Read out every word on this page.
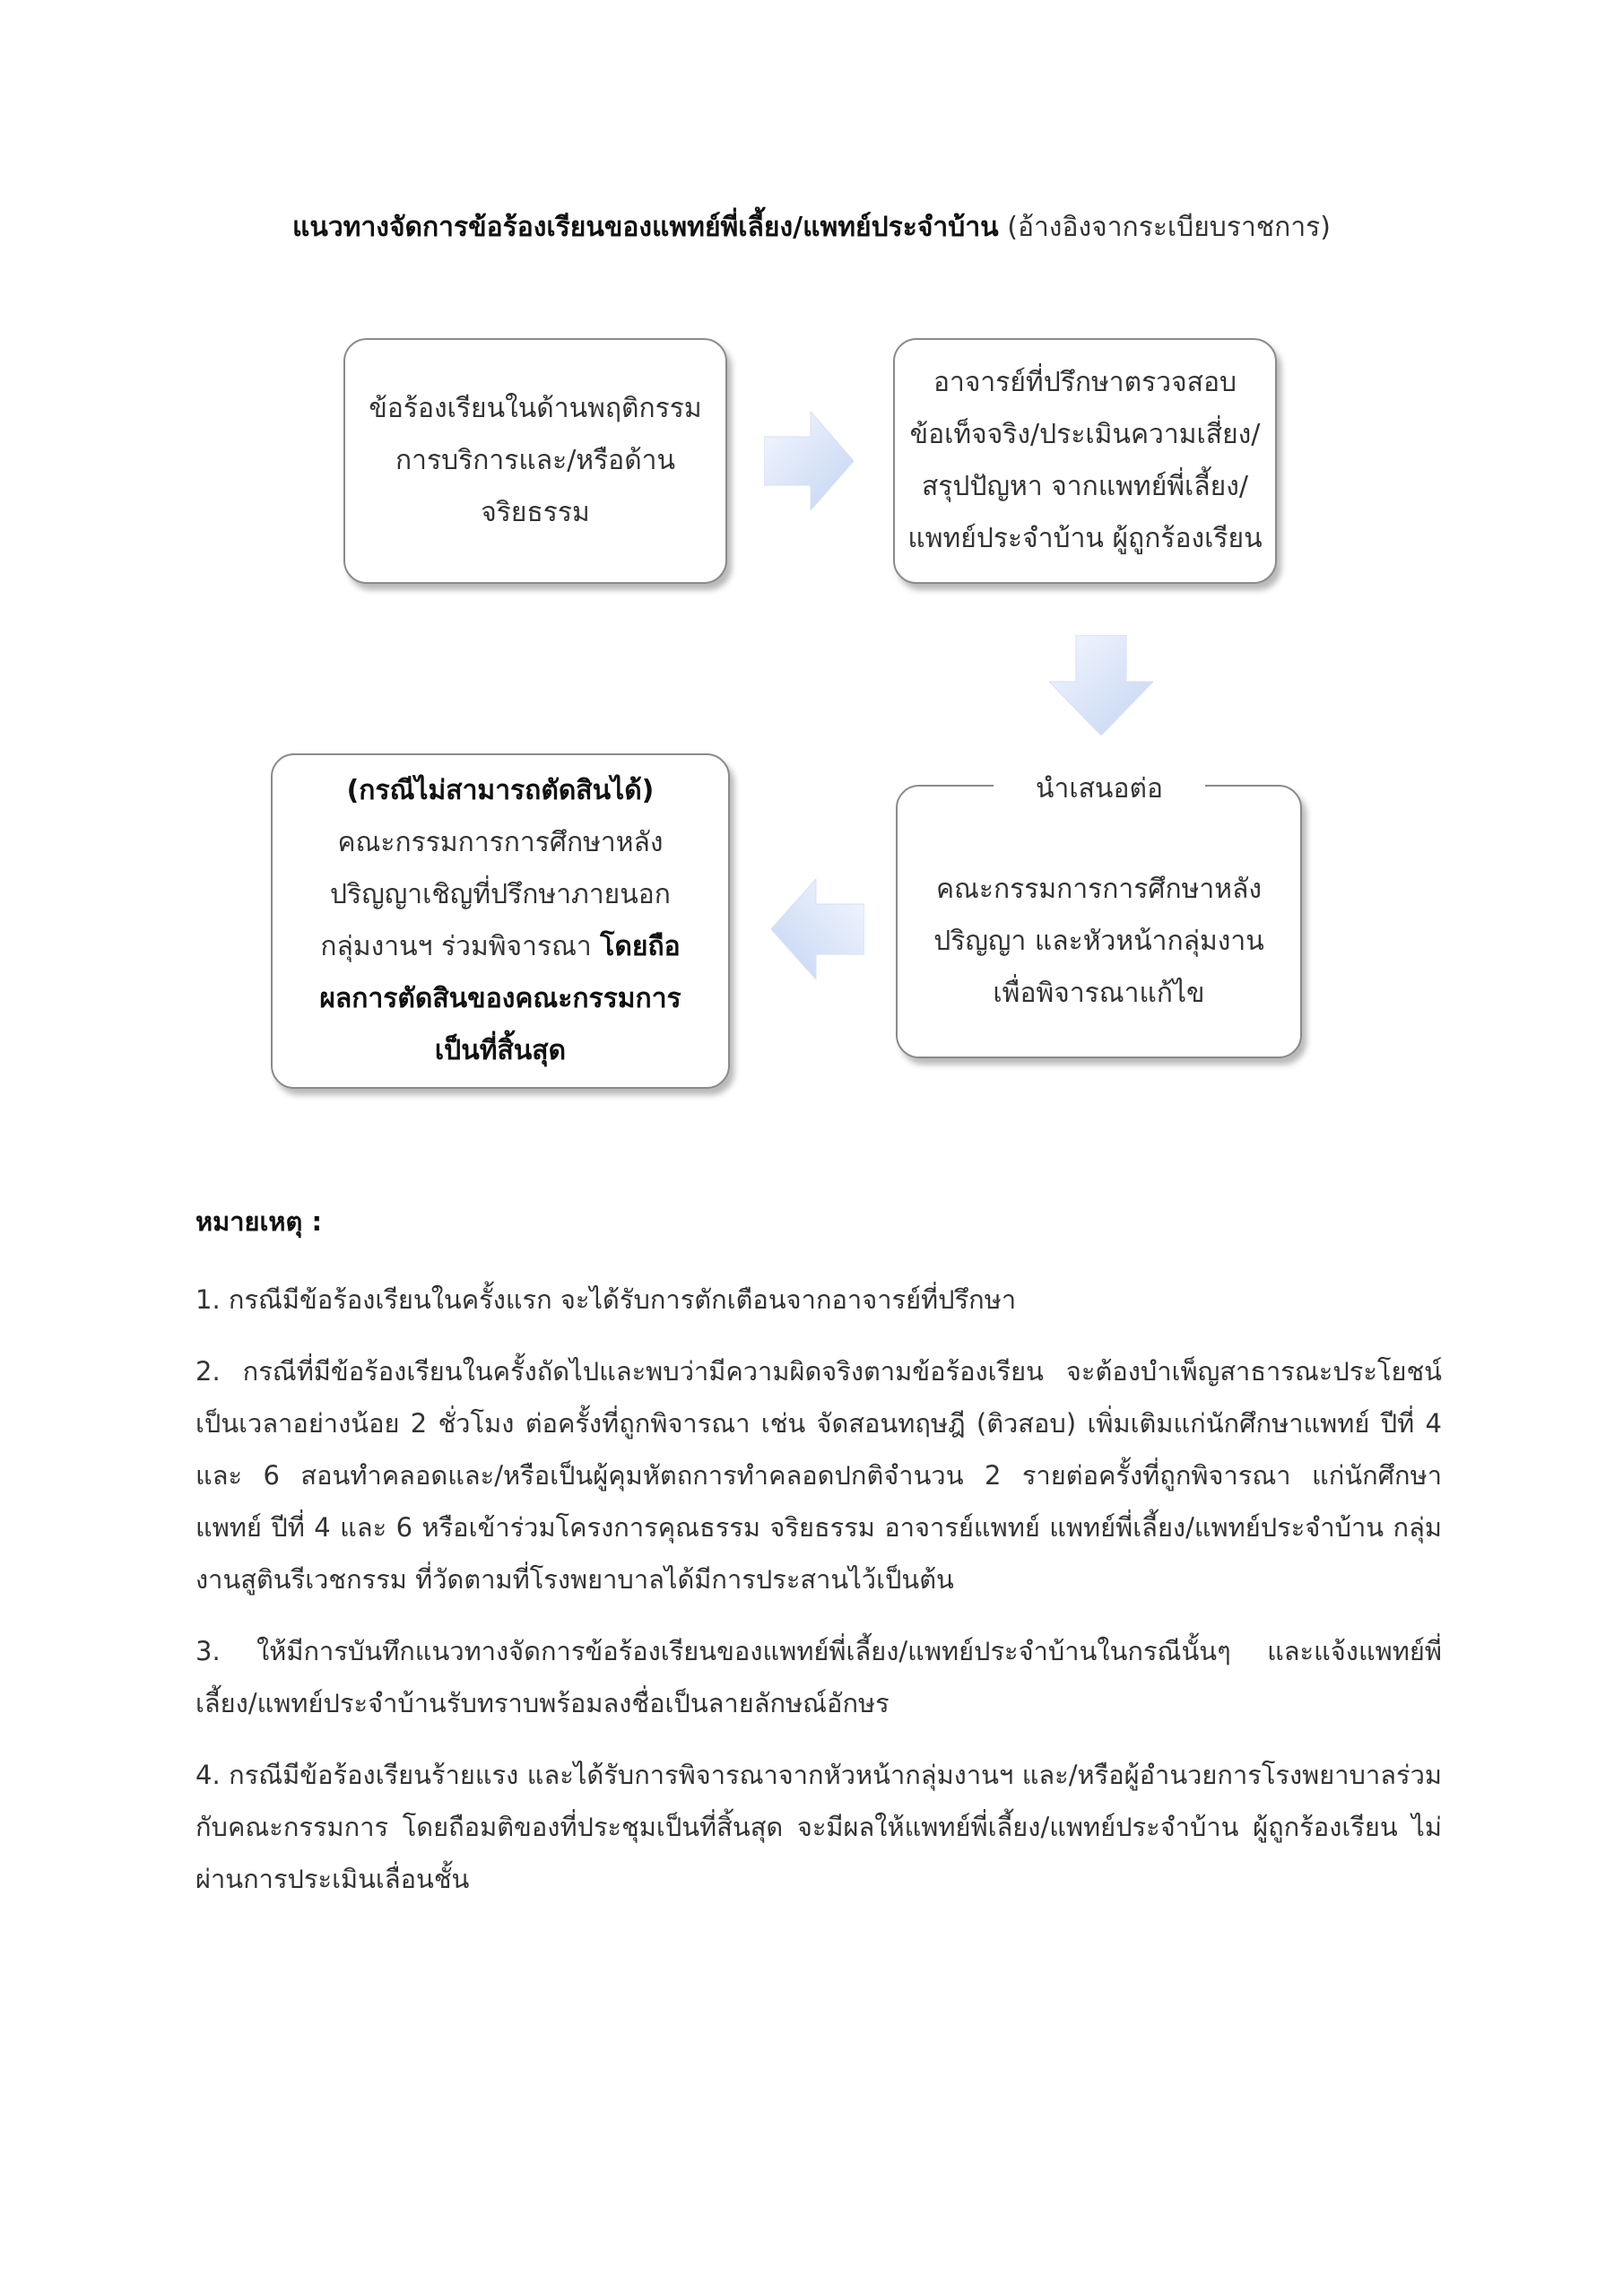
แนวทางจัดการข้อร้องเรียนของแพทย์พี่เลี้ยง/แพทย์ประจำบ้าน (อ้างอิงจากระเบียบราชการ)
ข้อร้องเรียนในด้านพฤติกรรม
การบริการและ/หรือด้าน
จริยธรรม
อาจารย์ที่ปรึกษาตรวจสอบ
ข้อเท็จจริง/ประเมินความเสี่ยง/
สรุปปัญหา จากแพทย์พี่เลี้ยง/
แพทย์ประจำบ้าน ผู้ถูกร้องเรียน
คณะกรรมการการศึกษาหลัง
ปริญญา และหัวหน้ากลุ่มงาน
เพื่อพิจารณาแก้ไข
นำเสนอต่อ
(กรณีไม่สามารถตัดสินได้)
คณะกรรมการการศึกษาหลัง
ปริญญาเชิญที่ปรึกษาภายนอก
กลุ่มงานฯ ร่วมพิจารณา โดยถือ
ผลการตัดสินของคณะกรรมการ
เป็นที่สิ้นสุด
หมายเหตุ :

1. กรณีมีข้อร้องเรียนในครั้งแรก จะได้รับการตักเตือนจากอาจารย์ที่ปรึกษา

2. กรณีที่มีข้อร้องเรียนในครั้งถัดไปและพบว่ามีความผิดจริงตามข้อร้องเรียน จะต้องบำเพ็ญสาธารณะประโยชน์เป็นเวลาอย่างน้อย 2 ชั่วโมง ต่อครั้งที่ถูกพิจารณา เช่น จัดสอนทฤษฎี (ติวสอบ) เพิ่มเติมแก่นักศึกษาแพทย์ ปีที่ 4 และ 6 สอนทำคลอดและ/หรือเป็นผู้คุมหัตถการทำคลอดปกติจำนวน 2 รายต่อครั้งที่ถูกพิจารณา แก่นักศึกษาแพทย์ ปีที่ 4 และ 6 หรือเข้าร่วมโครงการคุณธรรม จริยธรรม อาจารย์แพทย์ แพทย์พี่เลี้ยง/แพทย์ประจำบ้าน กลุ่มงานสูตินรีเวชกรรม ที่วัดตามที่โรงพยาบาลได้มีการประสานไว้เป็นต้น

3. ให้มีการบันทึกแนวทางจัดการข้อร้องเรียนของแพทย์พี่เลี้ยง/แพทย์ประจำบ้านในกรณีนั้นๆ และแจ้งแพทย์พี่เลี้ยง/แพทย์ประจำบ้านรับทราบพร้อมลงชื่อเป็นลายลักษณ์อักษร

4. กรณีมีข้อร้องเรียนร้ายแรง และได้รับการพิจารณาจากหัวหน้ากลุ่มงานฯ และ/หรือผู้อำนวยการโรงพยาบาลร่วมกับคณะกรรมการ โดยถือมติของที่ประชุมเป็นที่สิ้นสุด จะมีผลให้แพทย์พี่เลี้ยง/แพทย์ประจำบ้าน ผู้ถูกร้องเรียน ไม่ผ่านการประเมินเลื่อนชั้น
